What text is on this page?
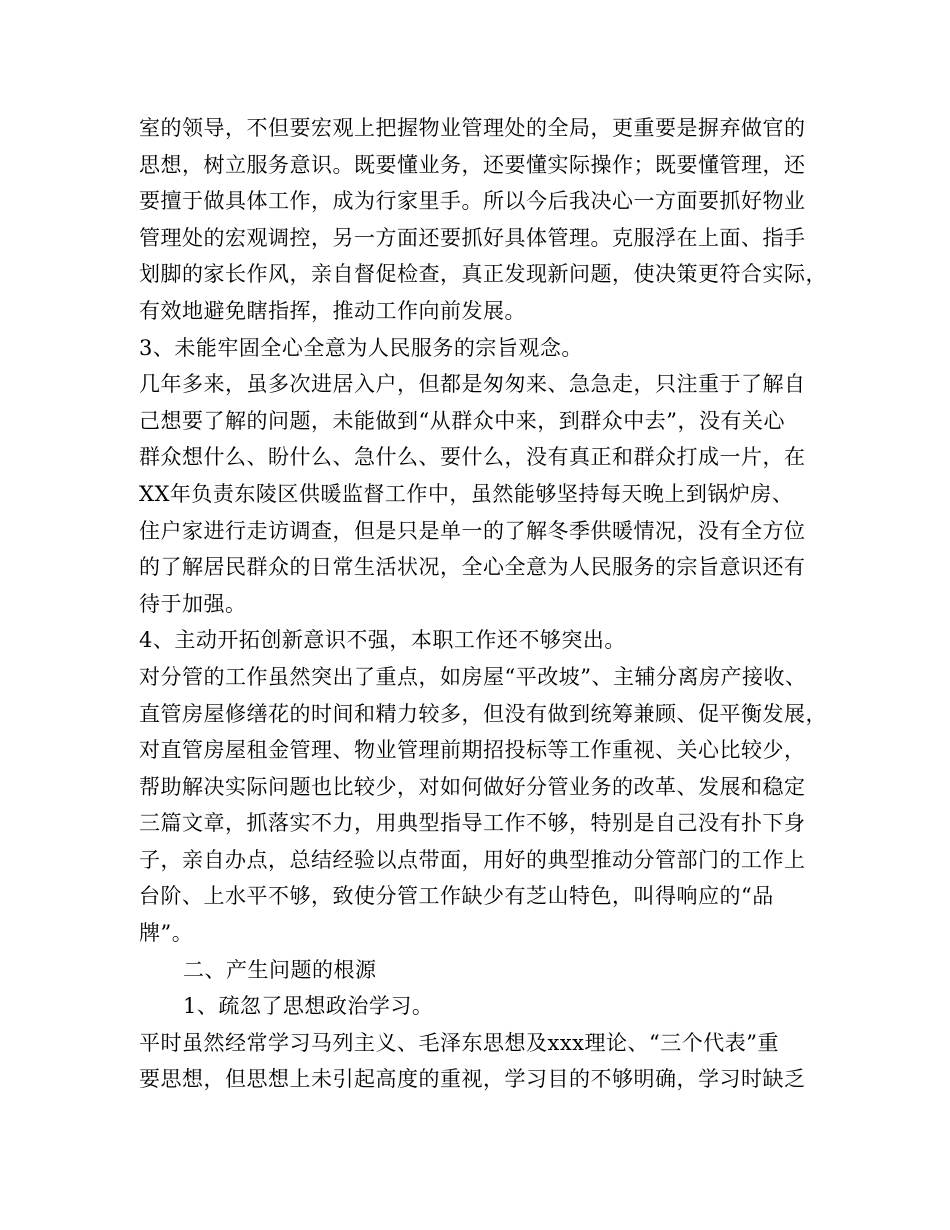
室的领导，不但要宏观上把握物业管理处的全局，更重要是摒弃做官的
思想，树立服务意识。既要懂业务，还要懂实际操作；既要懂管理，还
要擅于做具体工作，成为行家里手。所以今后我决心一方面要抓好物业
管理处的宏观调控，另一方面还要抓好具体管理。克服浮在上面、指手
划脚的家长作风，亲自督促检查，真正发现新问题，使决策更符合实际，
有效地避免瞎指挥，推动工作向前发展。
3、未能牢固全心全意为人民服务的宗旨观念。
几年多来，虽多次进居入户，但都是匆匆来、急急走，只注重于了解自
己想要了解的问题，未能做到“从群众中来，到群众中去”，没有关心
群众想什么、盼什么、急什么、要什么，没有真正和群众打成一片，在
XX年负责东陵区供暖监督工作中，虽然能够坚持每天晚上到锅炉房、
住户家进行走访调查，但是只是单一的了解冬季供暖情况，没有全方位
的了解居民群众的日常生活状况，全心全意为人民服务的宗旨意识还有
待于加强。
4、主动开拓创新意识不强，本职工作还不够突出。
对分管的工作虽然突出了重点，如房屋“平改坡”、主辅分离房产接收、
直管房屋修缮花的时间和精力较多，但没有做到统筹兼顾、促平衡发展，
对直管房屋租金管理、物业管理前期招投标等工作重视、关心比较少，
帮助解决实际问题也比较少，对如何做好分管业务的改革、发展和稳定
三篇文章，抓落实不力，用典型指导工作不够，特别是自己没有扑下身
子，亲自办点，总结经验以点带面，用好的典型推动分管部门的工作上
台阶、上水平不够，致使分管工作缺少有芝山特色，叫得响应的“品
牌”。
二、产生问题的根源
1、疏忽了思想政治学习。
平时虽然经常学习马列主义、毛泽东思想及xxx理论、“三个代表”重
要思想，但思想上未引起高度的重视，学习目的不够明确，学习时缺乏
